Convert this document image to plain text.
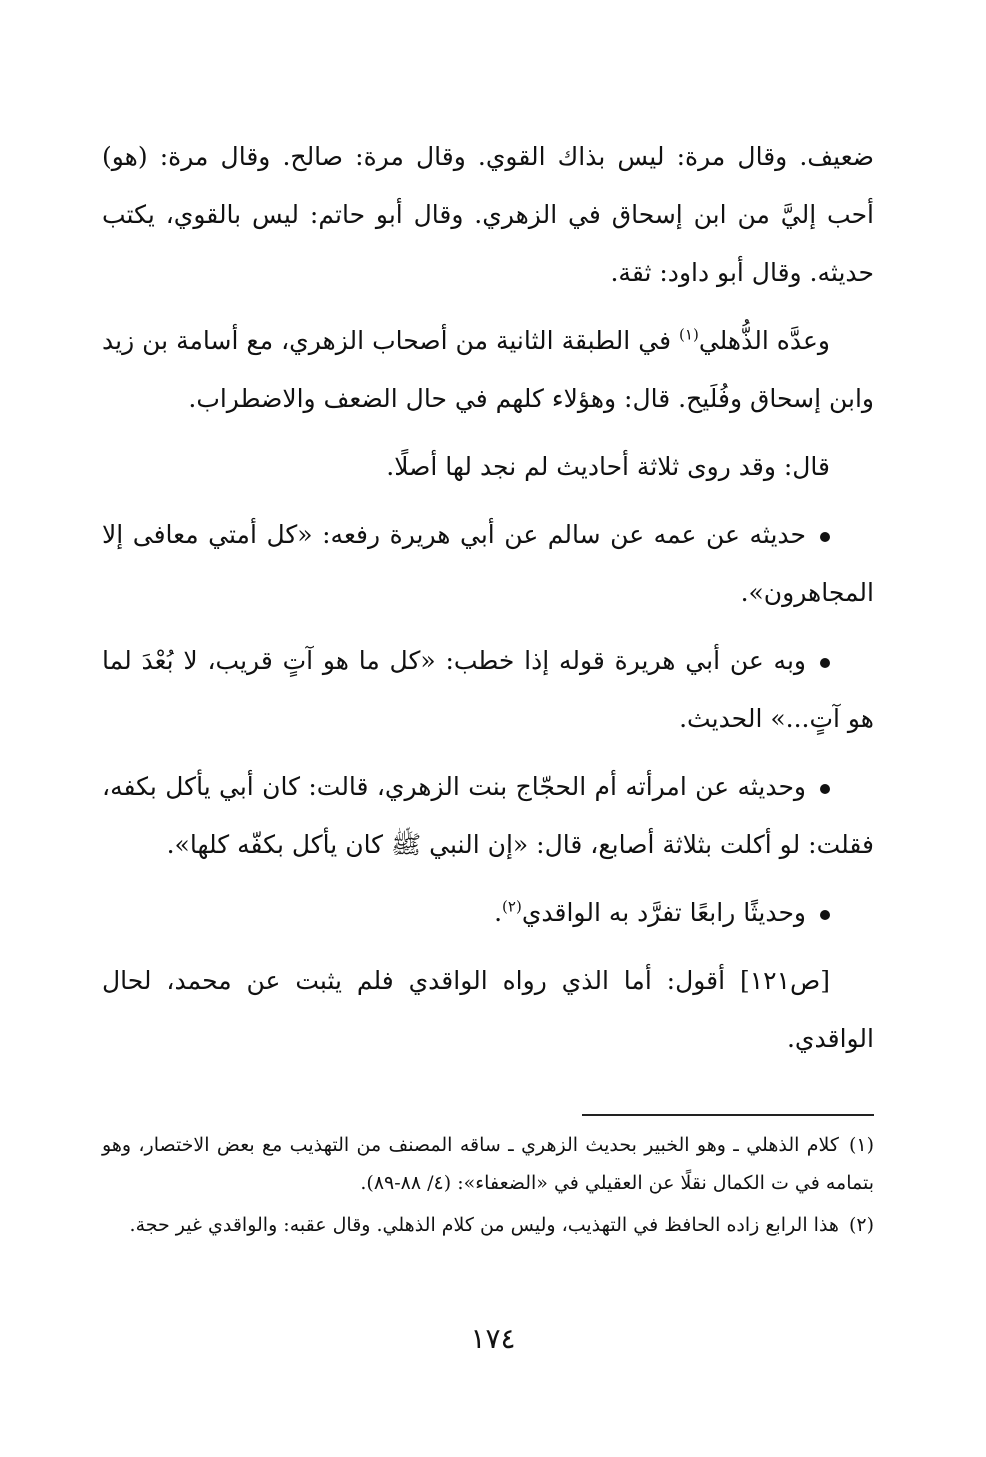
ضعيف. وقال مرة: ليس بذاك القوي. وقال مرة: صالح. وقال مرة: (هو) أحب إليَّ من ابن إسحاق في الزهري. وقال أبو حاتم: ليس بالقوي، يكتب حديثه. وقال أبو داود: ثقة.

وعدَّه الذُّهلي$^{(١)}$ في الطبقة الثانية من أصحاب الزهري، مع أسامة بن زيد وابن إسحاق وفُلَيح. قال: وهؤلاء كلهم في حال الضعف والاضطراب.

قال: وقد روى ثلاثة أحاديث لم نجد لها أصلًا.

حديثه عن عمه عن سالم عن أبي هريرة رفعه: «كل أمتي معافى إلا المجاهرون».

وبه عن أبي هريرة قوله إذا خطب: «كل ما هو آتٍ قريب، لا بُعْدَ لما هو آتٍ...» الحديث.

وحديثه عن امرأته أم الحجّاج بنت الزهري، قالت: كان أبي يأكل بكفه، فقلت: لو أكلت بثلاثة أصابع، قال: «إن النبي ﷺ كان يأكل بكفّه كلها».

وحديثًا رابعًا تفرَّد به الواقدي$^{(٢)}$.

[ص١٢١] أقول: أما الذي رواه الواقدي فلم يثبت عن محمد، لحال الواقدي.

(١)كلام الذهلي ـ وهو الخبير بحديث الزهري ـ ساقه المصنف من التهذيب مع بعض الاختصار، وهو بتمامه في ت الكمال نقلًا عن العقيلي في «الضعفاء»: (٤/ ٨٨-٨٩).

(٢)هذا الرابع زاده الحافظ في التهذيب، وليس من كلام الذهلي. وقال عقبه: والواقدي غير حجة.

١٧٤
